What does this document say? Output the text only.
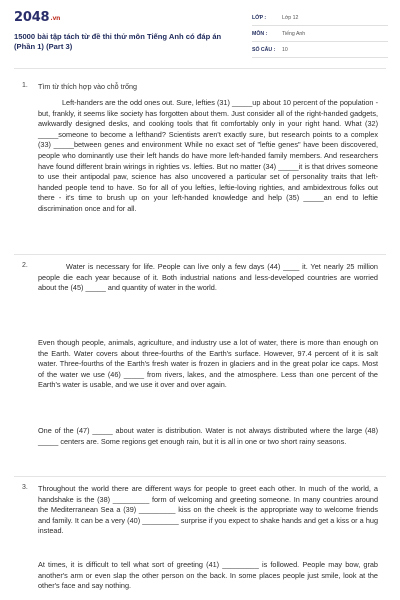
2048.vn
15000 bài tập tách từ đề thi thử môn Tiếng Anh có đáp án (Phần 1) (Part 3)
LỚP :	Lớp 12
MÔN :	Tiếng Anh
SỐ CÂU :	10
1. Tìm từ thích hợp vào chỗ trống

Left-handers are the odd ones out. Sure, lefties (31) _____up about 10 percent of the population - but, frankly, it seems like society has forgotten about them. Just consider all of the right-handed gadgets, awkwardly designed desks, and cooking tools that fit comfortably only in your right hand. What (32) _____someone to become a lefthand? Scientists aren't exactly sure, but research points to a complex (33) _____between genes and environment While no exact set of "leftie genes" have been discovered, people who dominantly use their left hands do have more left-handed family members. And researchers have found different brain wirings in righties vs. lefties. But no matter (34) _____it is that drives someone to use their antipodal paw, science has also uncovered a particular set of personality traits that left-handed people tend to have. So for all of you lefties, leftie-loving righties, and ambidextrous folks out there - it's time to brush up on your left-handed knowledge and help (35) _____an end to leftie discrimination once and for all.

2.	Water is necessary for life. People can live only a few days (44) ____ it. Yet nearly 25 million people die each year because of it. Both industrial nations and less-developed countries are worried about the (45) _____ and quantity of water in the world.

Even though people, animals, agriculture, and industry use a lot of water, there is more than enough on the Earth. Water covers about three-fourths of the Earth's surface. However, 97.4 percent of it is salt water. Three-fourths of the Earth's fresh water is frozen in glaciers and in the great polar ice caps. Most of the water we use (46) _____ from rivers, lakes, and the atmosphere. Less than one percent of the Earth's water is usable, and we use it over and over again.

One of the (47) _____ about water is distribution. Water is not always distributed where the large (48) _____ centers are. Some regions get enough rain, but it is all in one or two short rainy seasons.

3. Throughout the world there are different ways for people to greet each other. In much of the world, a handshake is the (38) _________ form of welcoming and greeting someone. In many countries around the Mediterranean Sea a (39) _________ kiss on the cheek is the appropriate way to welcome friends and family. It can be a very (40) _________ surprise if you expect to shake hands and get a kiss or a hug instead.

At times, it is difficult to tell what sort of greeting (41) _________ is followed. People may bow, grab another's arm or even slap the other person on the back. In some places people just smile, look at the other's face and say nothing.
